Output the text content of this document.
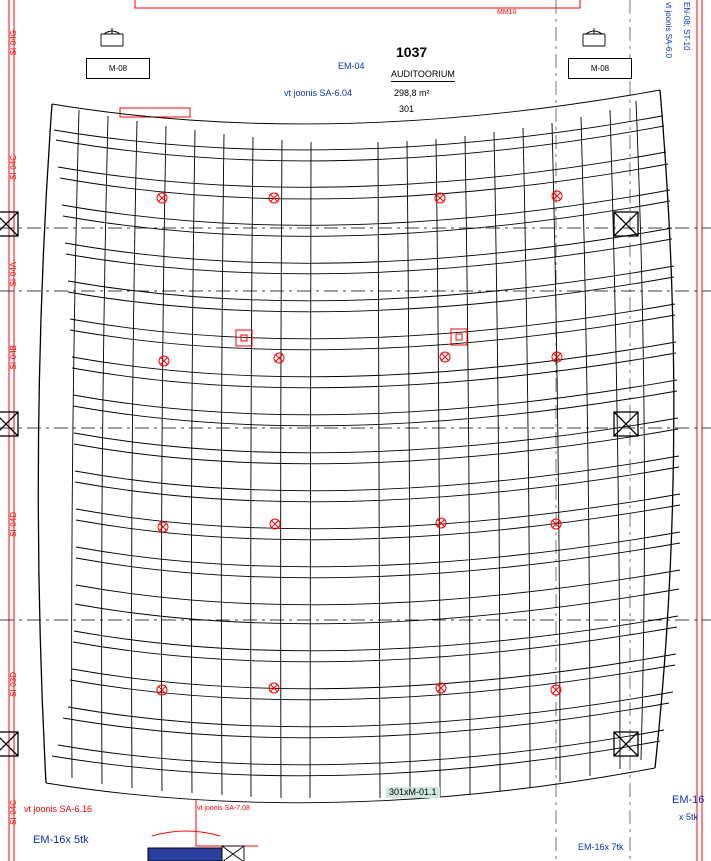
MM10
M-08	M-08
EM-04
1037
AUDITOORIUM
vt joonis SA-6.04	298,8 m²
301
SI-04G
SI-04C
SI-04A
SI-04B
SI-04D
SI-03D
SI-04C
vt joonis SA-6.0 EN-08; ST-10
301xM-01.1
vt joonis SA-6.16	vt joonis SA-7.08
EM-16x 5tk
EM-16
x 5tk
EM-16x 7tk
